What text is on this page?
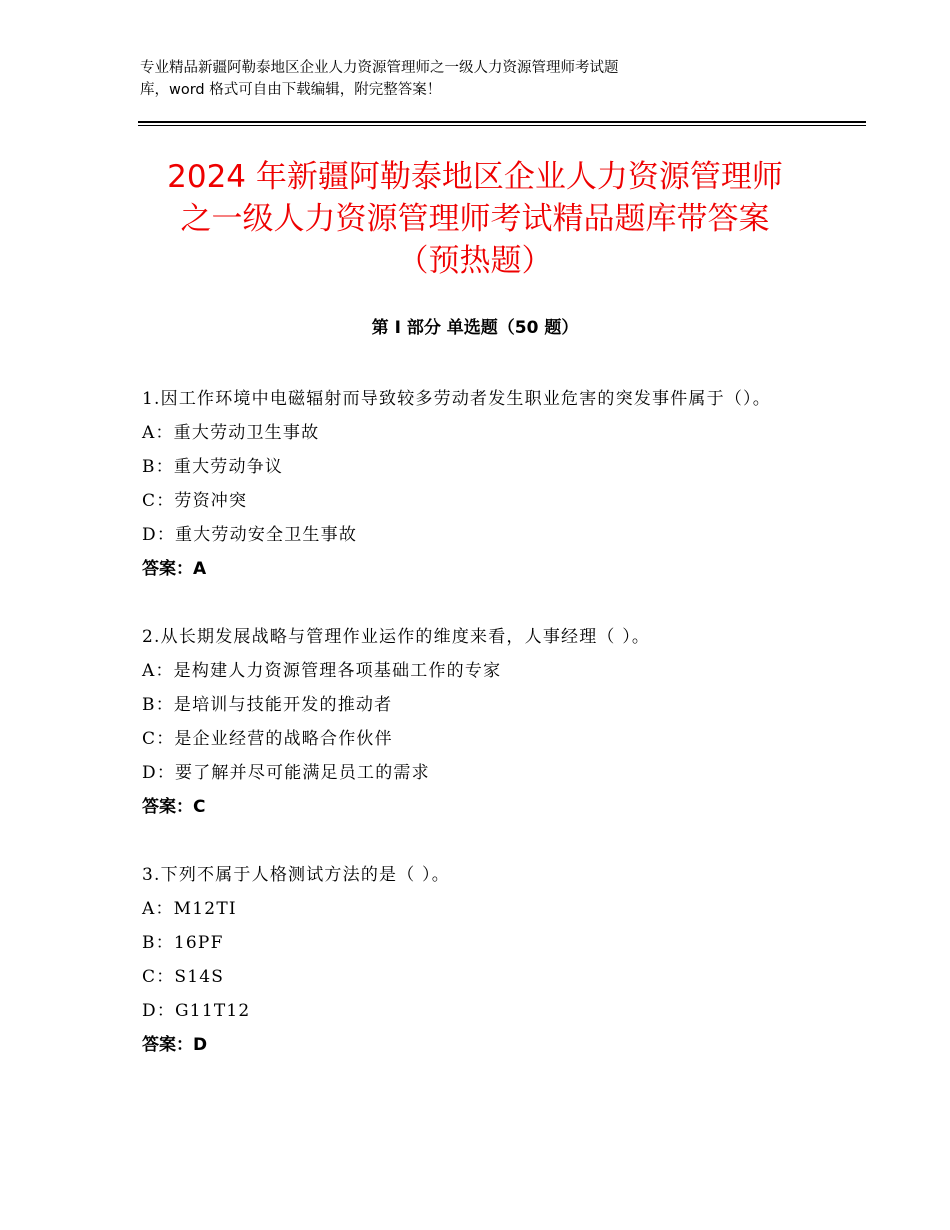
专业精品新疆阿勒泰地区企业人力资源管理师之一级人力资源管理师考试题
库，word 格式可自由下载编辑，附完整答案！
2024 年新疆阿勒泰地区企业人力资源管理师
之一级人力资源管理师考试精品题库带答案
（预热题）
第 I 部分 单选题（50 题）
1.因工作环境中电磁辐射而导致较多劳动者发生职业危害的突发事件属于（）。
A：重大劳动卫生事故
B：重大劳动争议
C：劳资冲突
D：重大劳动安全卫生事故
答案：A
2.从长期发展战略与管理作业运作的维度来看，人事经理（ ）。
A：是构建人力资源管理各项基础工作的专家
B：是培训与技能开发的推动者
C：是企业经营的战略合作伙伴
D：要了解并尽可能满足员工的需求
答案：C
3.下列不属于人格测试方法的是（ ）。
A：M12TI
B：16PF
C：S14S
D：G11T12
答案：D
